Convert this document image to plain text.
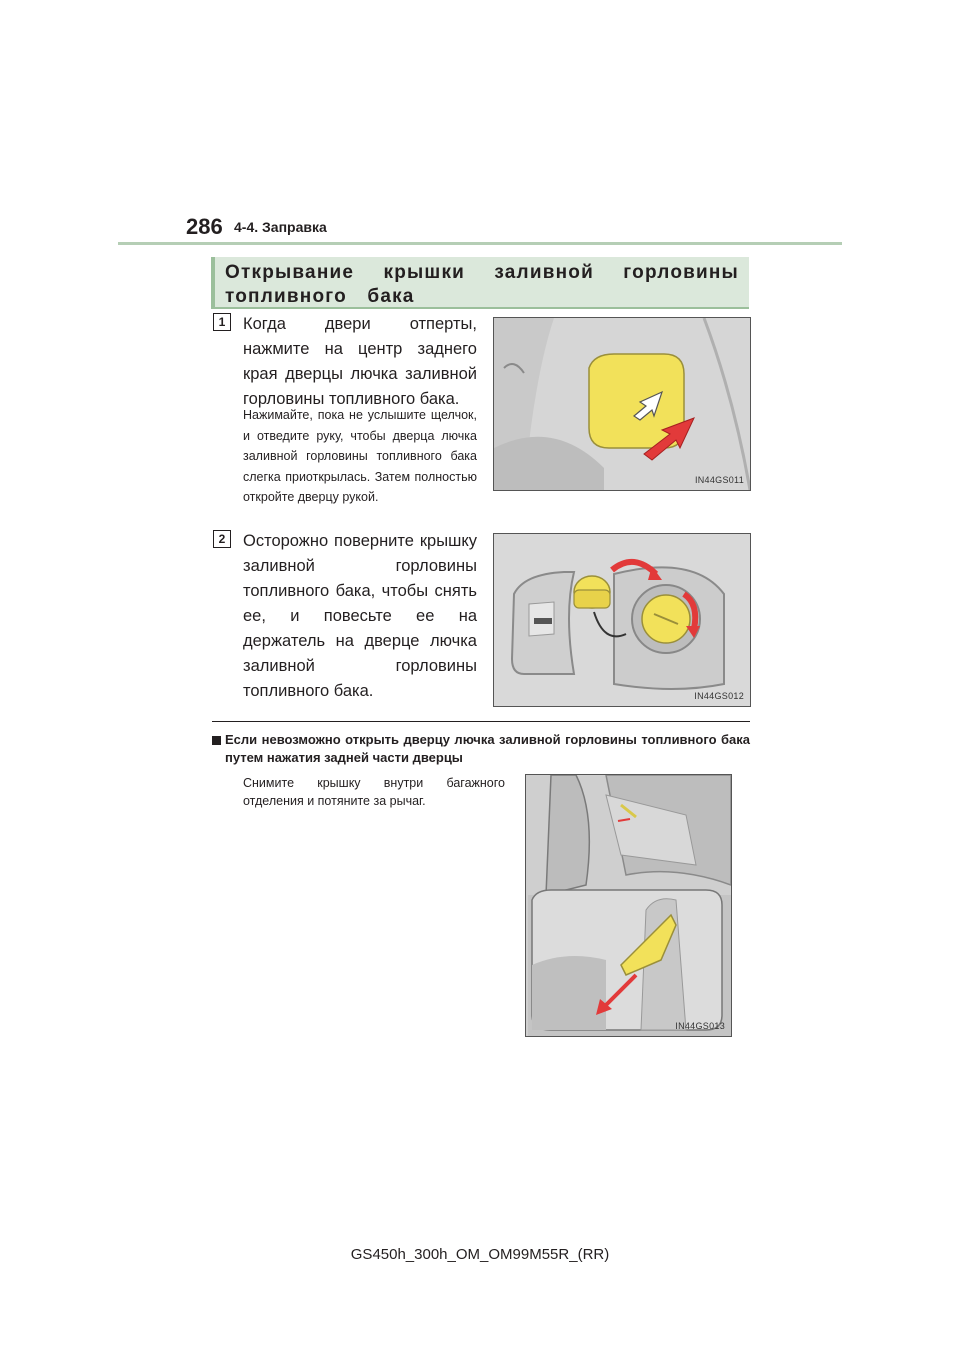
286 4-4. Заправка
Открывание крышки заливной горловины топливного бака
1	Когда двери отперты, нажмите на центр заднего края дверцы лючка заливной горловины топливного бака.
Нажимайте, пока не услышите щелчок, и отведите руку, чтобы дверца лючка заливной горловины топливного бака слегка приоткрылась. Затем полностью откройте дверцу рукой.
IN44GS011
2	Осторожно поверните крышку заливной горловины топливного бака, чтобы снять ее, и повесьте ее на держатель на дверце лючка заливной горловины топливного бака.	IN44GS012
Если невозможно открыть дверцу лючка заливной горловины топливного бака путем нажатия задней части дверцы
Снимите крышку внутри багажного отделения и потяните за рычаг.
IN44GS013
GS450h_300h_OM_OM99M55R_(RR)
